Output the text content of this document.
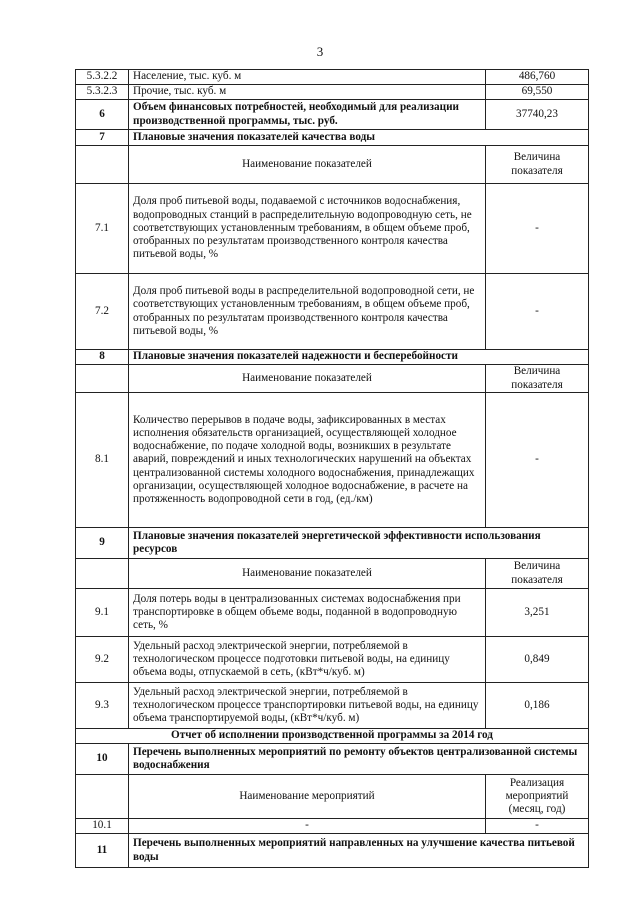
3
5.3.2.2	Население, тыс. куб. м	486,760
5.3.2.3	Прочие, тыс. куб. м	69,550
6	Объем финансовых потребностей, необходимый для реализации производственной программы, тыс. руб.	37740,23
7	Плановые значения показателей качества воды	
	Наименование показателей	Величина показателя
7.1	Доля проб питьевой воды, подаваемой с источников водоснабжения, водопроводных станций в распределительную водопроводную сеть, не соответствующих установленным требованиям, в общем объеме проб, отобранных по результатам производственного контроля качества питьевой воды, %	-
7.2	Доля проб питьевой воды в распределительной водопроводной сети, не соответствующих установленным требованиям, в общем объеме проб, отобранных по результатам производственного контроля качества питьевой воды, %	-
8	Плановые значения показателей надежности и бесперебойности	
	Наименование показателей	Величина показателя
8.1	Количество перерывов в подаче воды, зафиксированных в местах исполнения обязательств организацией, осуществляющей холодное водоснабжение, по подаче холодной воды, возникших в результате аварий, повреждений и иных технологических нарушений на объектах централизованной системы холодного водоснабжения, принадлежащих организации, осуществляющей холодное водоснабжение, в расчете на протяженность водопроводной сети в год, (ед./км)	-
9	Плановые значения показателей энергетической эффективности использования ресурсов	
	Наименование показателей	Величина показателя
9.1	Доля потерь воды в централизованных системах водоснабжения при транспортировке в общем объеме воды, поданной в водопроводную сеть, %	3,251
9.2	Удельный расход электрической энергии, потребляемой в технологическом процессе подготовки питьевой воды, на единицу объема воды, отпускаемой в сеть, (кВт*ч/куб. м)	0,849
9.3	Удельный расход электрической энергии, потребляемой в технологическом процессе транспортировки питьевой воды, на единицу объема транспортируемой воды, (кВт*ч/куб. м)	0,186
Отчет об исполнении производственной программы за 2014 год		
10	Перечень выполненных мероприятий по ремонту объектов централизованной системы водоснабжения	
	Наименование мероприятий	Реализация мероприятий (месяц, год)
10.1	-	-
11	Перечень выполненных мероприятий направленных на улучшение качества питьевой воды	
